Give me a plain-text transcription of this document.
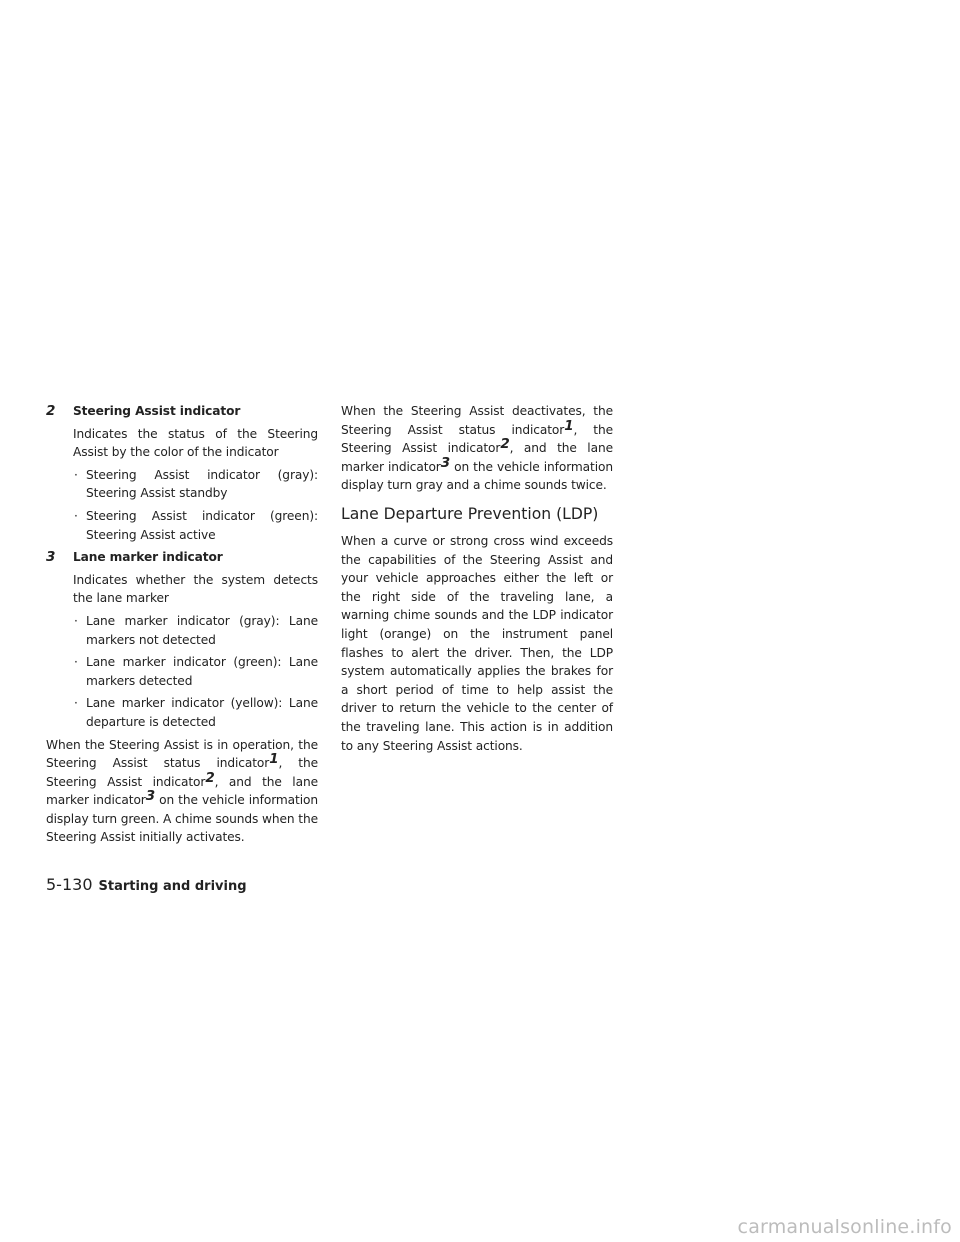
2	Steering Assist indicator
Indicates the status of the Steering Assist by the color of the indicator
· Steering Assist indicator (gray): Steering Assist standby
· Steering Assist indicator (green): Steering Assist active
3	Lane marker indicator
Indicates whether the system detects the lane marker
· Lane marker indicator (gray): Lane markers not detected
· Lane marker indicator (green): Lane markers detected
· Lane marker indicator (yellow): Lane departure is detected

When the Steering Assist is in operation, the Steering Assist status indicator1, the Steering Assist indicator2, and the lane marker indicator3 on the vehicle information display turn green. A chime sounds when the Steering Assist initially activates.

When the Steering Assist deactivates, the Steering Assist status indicator1, the Steering Assist indicator2, and the lane marker indicator3 on the vehicle information display turn gray and a chime sounds twice.

Lane Departure Prevention (LDP)

When a curve or strong cross wind exceeds the capabilities of the Steering Assist and your vehicle approaches either the left or the right side of the traveling lane, a warning chime sounds and the LDP indicator light (orange) on the instrument panel flashes to alert the driver. Then, the LDP system automatically applies the brakes for a short period of time to help assist the driver to return the vehicle to the center of the traveling lane. This action is in addition to any Steering Assist actions.

5-130 Starting and driving
carmanualsonline.info
